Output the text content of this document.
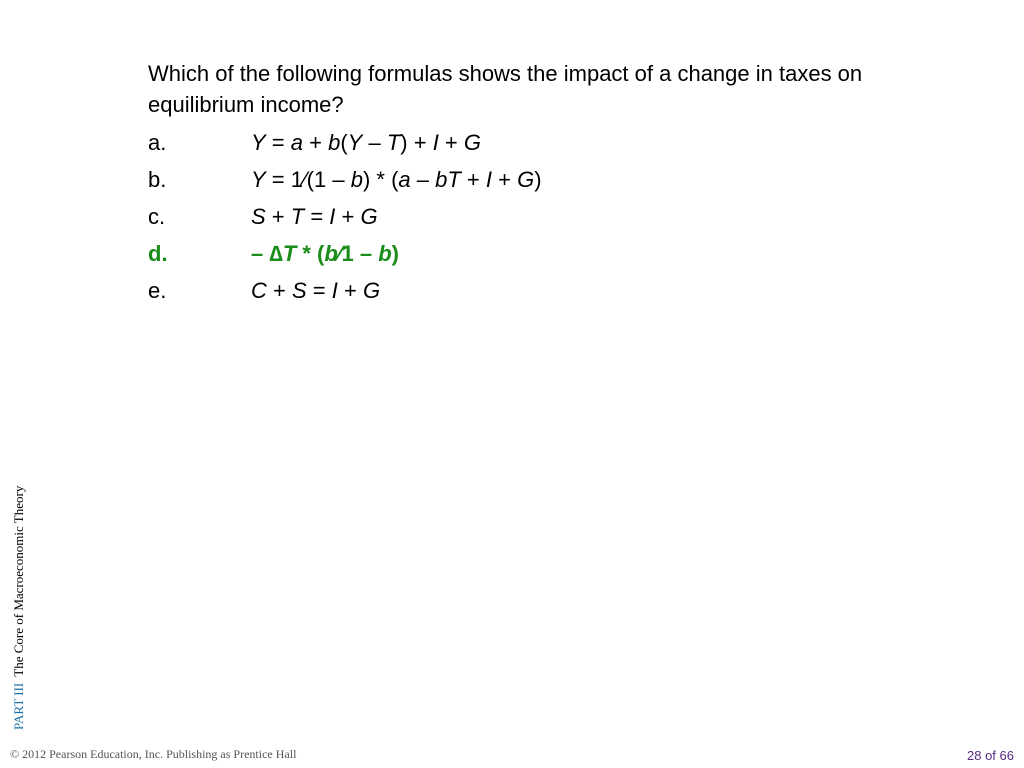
Which of the following formulas shows the impact of a change in taxes on equilibrium income?
a.	Y = a + b(Y – T) + I + G
b.	Y = 1⁄(1 – b) * (a – bT + I + G)
c.	S + T = I + G
d.	– ∆T * (b⁄1 – b)
e.	C + S = I + G
PART IIIThe Core of Macroeconomic Theory
© 2012 Pearson Education, Inc. Publishing as Prentice Hall	28 of 66
